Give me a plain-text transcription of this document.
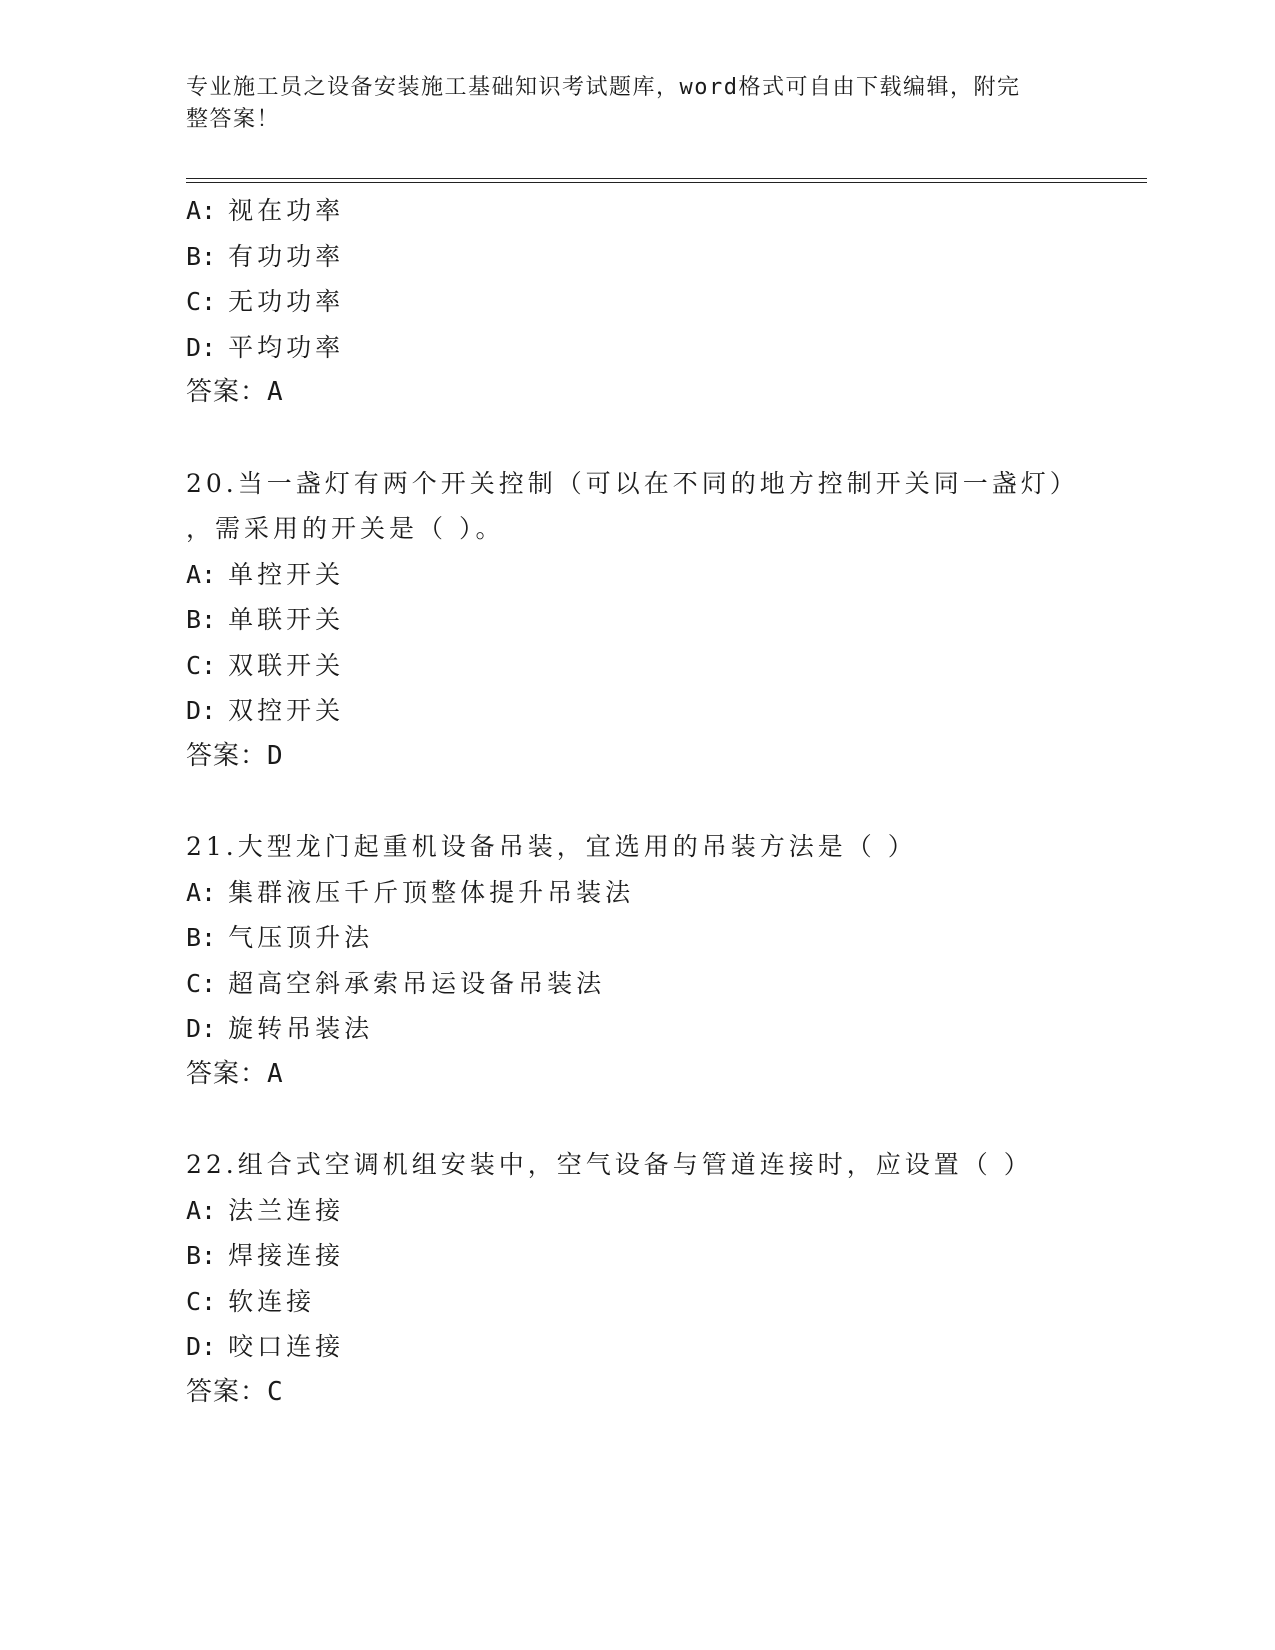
专业施工员之设备安装施工基础知识考试题库，word格式可自由下载编辑，附完
整答案！
A: 视在功率
B: 有功功率
C: 无功功率
D: 平均功率
答案：A
20.当一盏灯有两个开关控制（可以在不同的地方控制开关同一盏灯）
，需采用的开关是（ ）。
A: 单控开关
B: 单联开关
C: 双联开关
D: 双控开关
答案：D
21.大型龙门起重机设备吊装，宜选用的吊装方法是（ ）
A: 集群液压千斤顶整体提升吊装法
B: 气压顶升法
C: 超高空斜承索吊运设备吊装法
D: 旋转吊装法
答案：A
22.组合式空调机组安装中，空气设备与管道连接时，应设置（ ）
A: 法兰连接
B: 焊接连接
C: 软连接
D: 咬口连接
答案：C
